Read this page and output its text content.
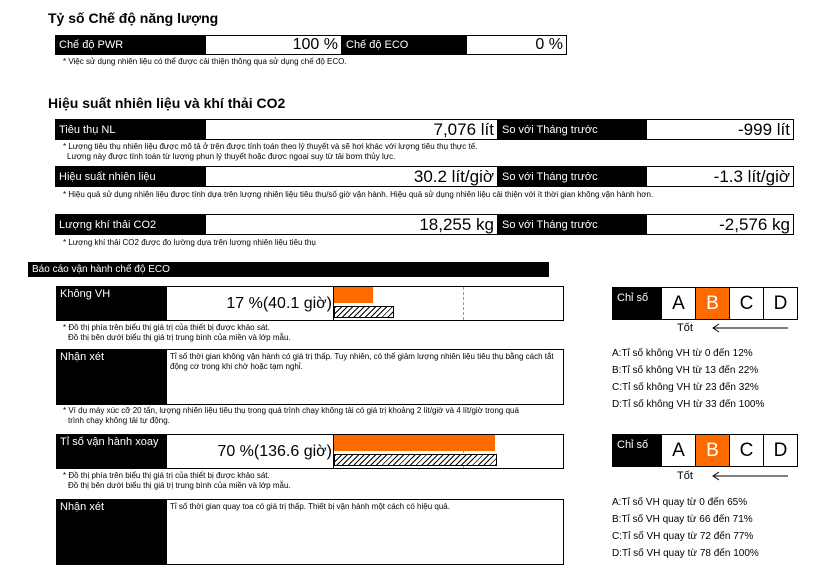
Tỷ số Chế độ năng lượng
Chế độ PWR	100 % Chế độ ECO	0 %
* Việc sử dụng nhiên liệu có thể được cải thiện thông qua sử dụng chế độ ECO.
Hiệu suất nhiên liệu và khí thải CO2
Tiêu thụ NL	7,076 lít So với Tháng trước	-999 lít
* Lượng tiêu thụ nhiên liệu được mô tả ở trên được tính toán theo lý thuyết và sẽ hơi khác với lượng tiêu thụ thực tế.
Lượng này được tính toán từ lượng phun lý thuyết hoặc được ngoại suy từ tải bơm thủy lực.
Hiệu suất nhiên liệu	30.2 lít/giờ So với Tháng trước	-1.3 lít/giờ
* Hiệu quả sử dụng nhiên liệu được tính dựa trên lượng nhiên liệu tiêu thụ/số giờ vận hành. Hiệu quả sử dụng nhiên liệu cải thiện với ít thời gian không vận hành hơn.
Lượng khí thải CO2	18,255 kg So với Tháng trước	-2,576 kg
* Lượng khí thải CO2 được đo lường dựa trên lượng nhiên liệu tiêu thụ
Báo cáo vận hành chế độ ECO
Không VH
17 %(40.1 giờ)
* Đồ thị phía trên biểu thị giá trị của thiết bị được khảo sát.
Đồ thị bên dưới biểu thị giá trị trung bình của miền và lớp mẫu.
Nhận xét	Tỉ số thời gian không vận hành có giá trị thấp. Tuy nhiên, có thể giảm lượng nhiên liệu tiêu thụ bằng cách tắt động cơ trong khi chờ hoặc tạm nghỉ.
* Ví dụ máy xúc cỡ 20 tấn, lượng nhiên liệu tiêu thụ trong quá trình chạy không tải có giá trị khoảng 2 lít/giờ và 4 lít/giờ trong quá
trình chạy không tải tự động.
Chỉ số	A	B	C	D
Tốt
A:Tỉ số không VH từ 0 đến 12%
B:Tỉ số không VH từ 13 đến 22%
C:Tỉ số không VH từ 23 đến 32%
D:Tỉ số không VH từ 33 đến 100%
Tỉ số vận hành xoay
70 %(136.6 giờ)
* Đồ thị phía trên biểu thị giá trị của thiết bị được khảo sát.
Đồ thị bên dưới biểu thị giá trị trung bình của miền và lớp mẫu.
Nhận xét	Tỉ số thời gian quay toa có giá trị thấp. Thiết bị vận hành một cách có hiệu quả.
Chỉ số	A	B	C	D
Tốt
A:Tỉ số VH quay từ 0 đến 65%
B:Tỉ số VH quay từ 66 đến 71%
C:Tỉ số VH quay từ 72 đến 77%
D:Tỉ số VH quay từ 78 đến 100%
